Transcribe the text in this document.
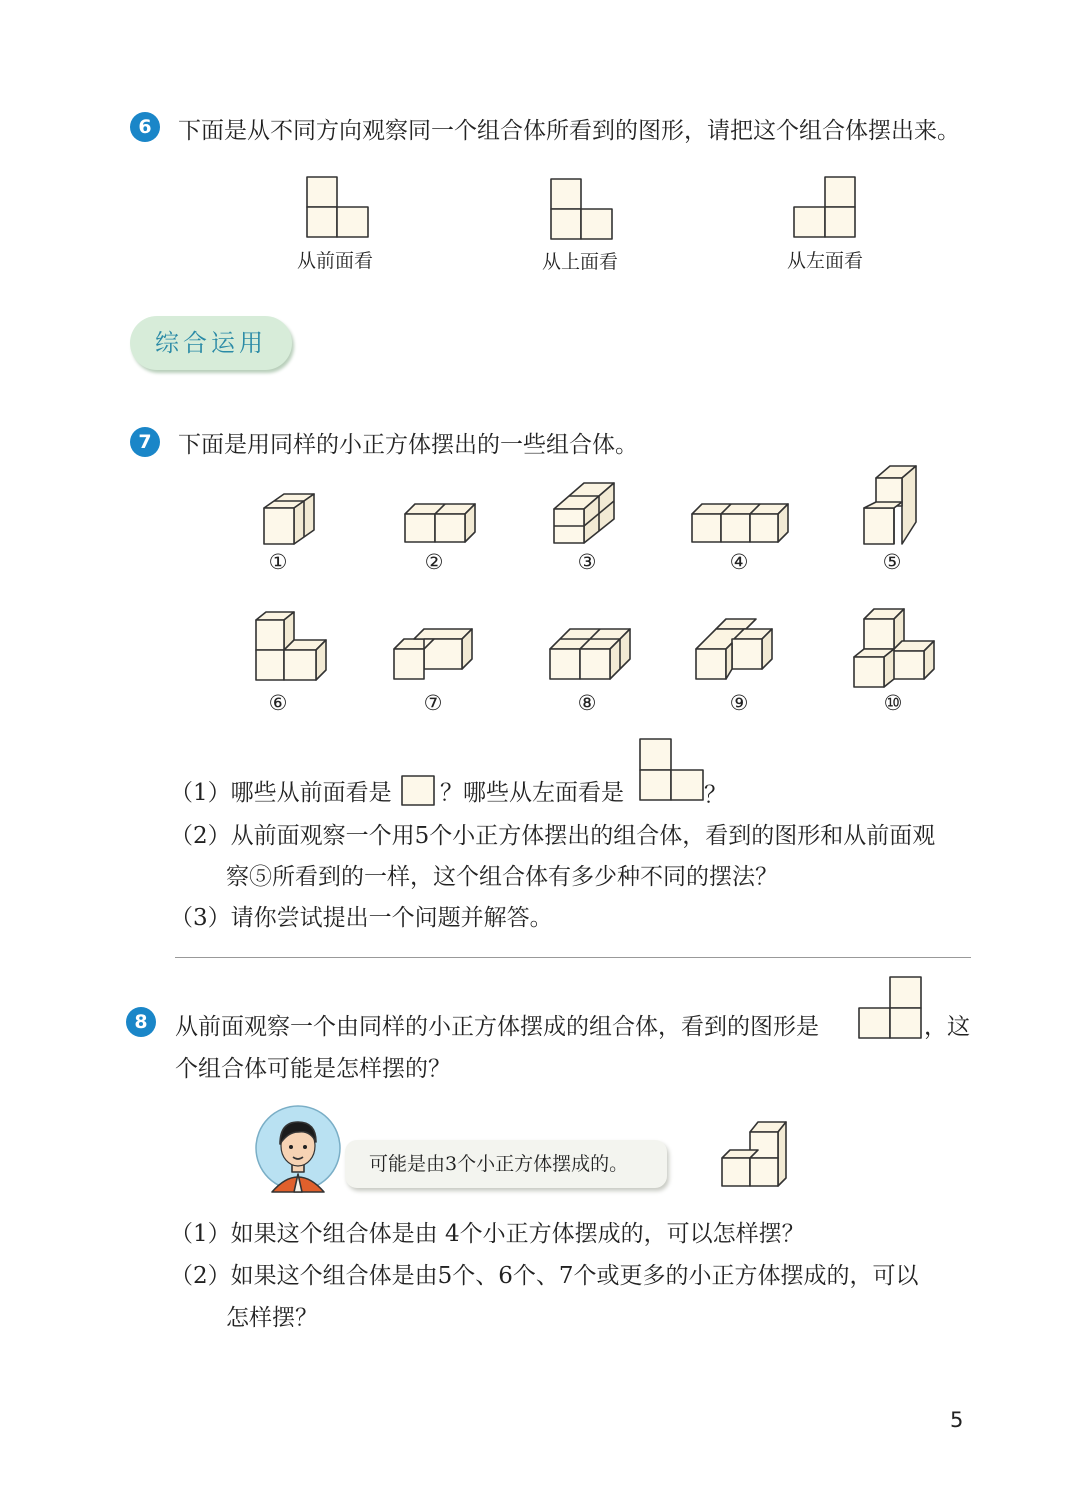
6	下面是从不同方向观察同一个组合体所看到的图形，请把这个组合体摆出来。
从前面看	从上面看	从左面看
综合运用
7	下面是用同样的小正方体摆出的一些组合体。
①	②	③	④	⑤
⑥	⑦	⑧	⑨	⑩
（1）哪些从前面看是 ？哪些从左面看是	？
（2）从前面观察一个用5个小正方体摆出的组合体，看到的图形和从前面观
察⑤所看到的一样，这个组合体有多少种不同的摆法？
（3）请你尝试提出一个问题并解答。
8	从前面观察一个由同样的小正方体摆成的组合体，看到的图形是	，这
个组合体可能是怎样摆的？
可能是由3个小正方体摆成的。
（1）如果这个组合体是由 4个小正方体摆成的，可以怎样摆？
（2）如果这个组合体是由5个、6个、7个或更多的小正方体摆成的，可以
怎样摆？
5
